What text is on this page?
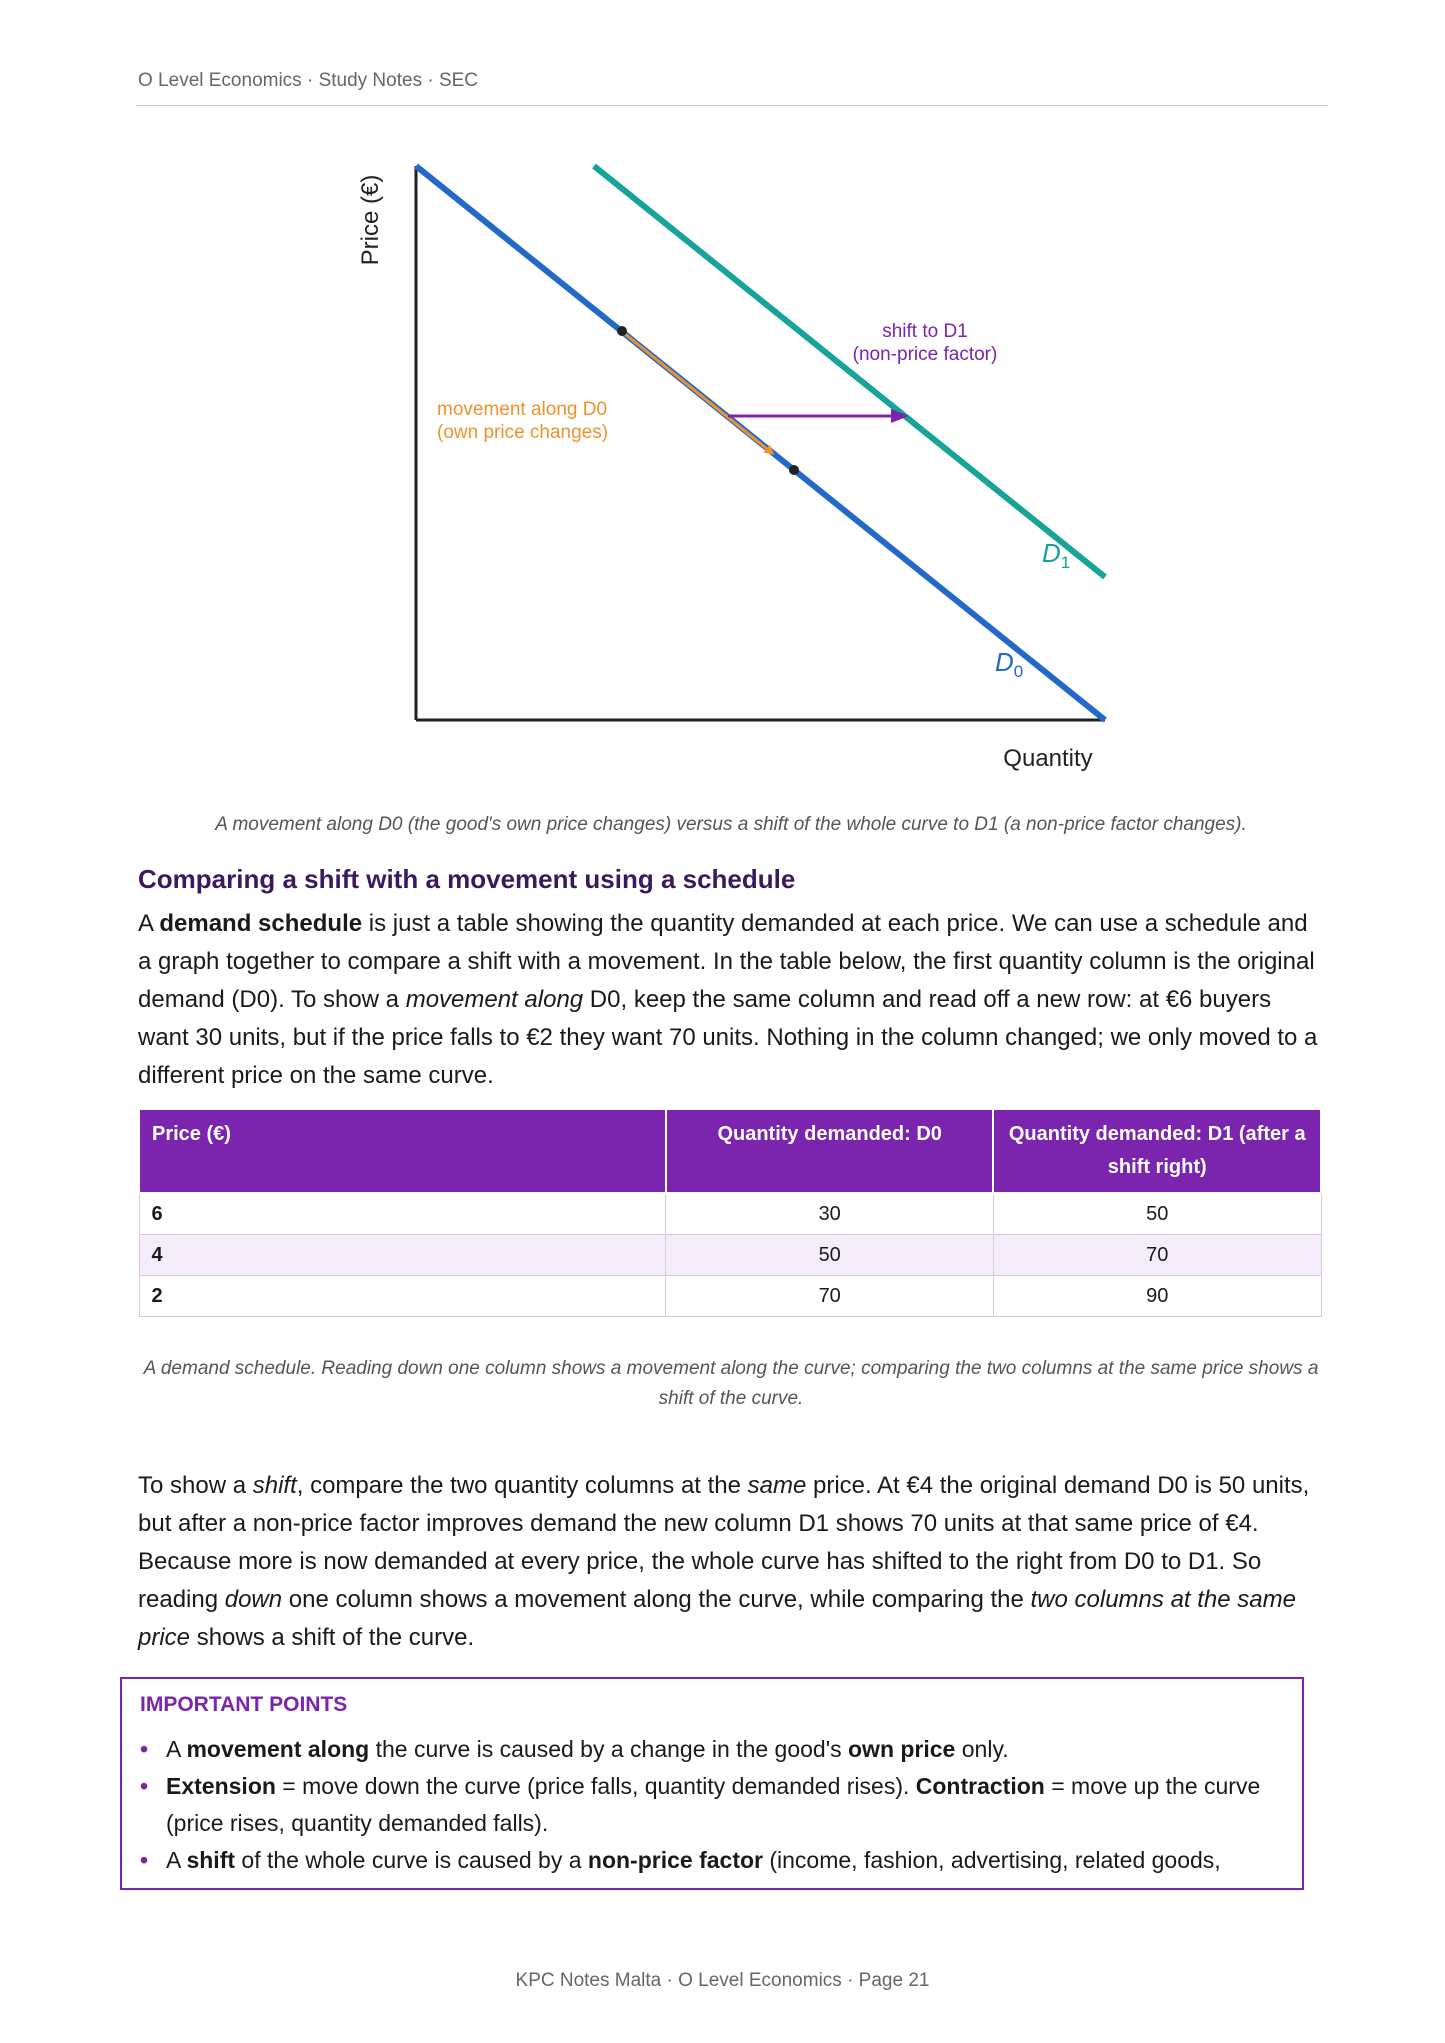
O Level Economics · Study Notes · SEC
Price (€)
Quantity
shift to D1
(non-price factor)
movement along D0
(own price changes)
$D_1$
$D_0$
A movement along D0 (the good's own price changes) versus a shift of the whole curve to D1 (a non-price factor changes).
Comparing a shift with a movement using a schedule
A demand schedule is just a table showing the quantity demanded at each price. We can use a schedule and a graph together to compare a shift with a movement. In the table below, the first quantity column is the original demand (D0). To show a movement along D0, keep the same column and read off a new row: at €6 buyers want 30 units, but if the price falls to €2 they want 70 units. Nothing in the column changed; we only moved to a different price on the same curve.
Price (€)	Quantity demanded: D0	Quantity demanded: D1 (after a shift right)
6	30	50
4	50	70
2	70	90
A demand schedule. Reading down one column shows a movement along the curve; comparing the two columns at the same price shows a shift of the curve.
To show a shift, compare the two quantity columns at the same price. At €4 the original demand D0 is 50 units, but after a non-price factor improves demand the new column D1 shows 70 units at that same price of €4. Because more is now demanded at every price, the whole curve has shifted to the right from D0 to D1. So reading down one column shows a movement along the curve, while comparing the two columns at the same price shows a shift of the curve.
IMPORTANT POINTS
• A movement along the curve is caused by a change in the good's own price only.
• Extension = move down the curve (price falls, quantity demanded rises). Contraction = move up the curve (price rises, quantity demanded falls).
• A shift of the whole curve is caused by a non-price factor (income, fashion, advertising, related goods,
KPC Notes Malta · O Level Economics · Page 21
